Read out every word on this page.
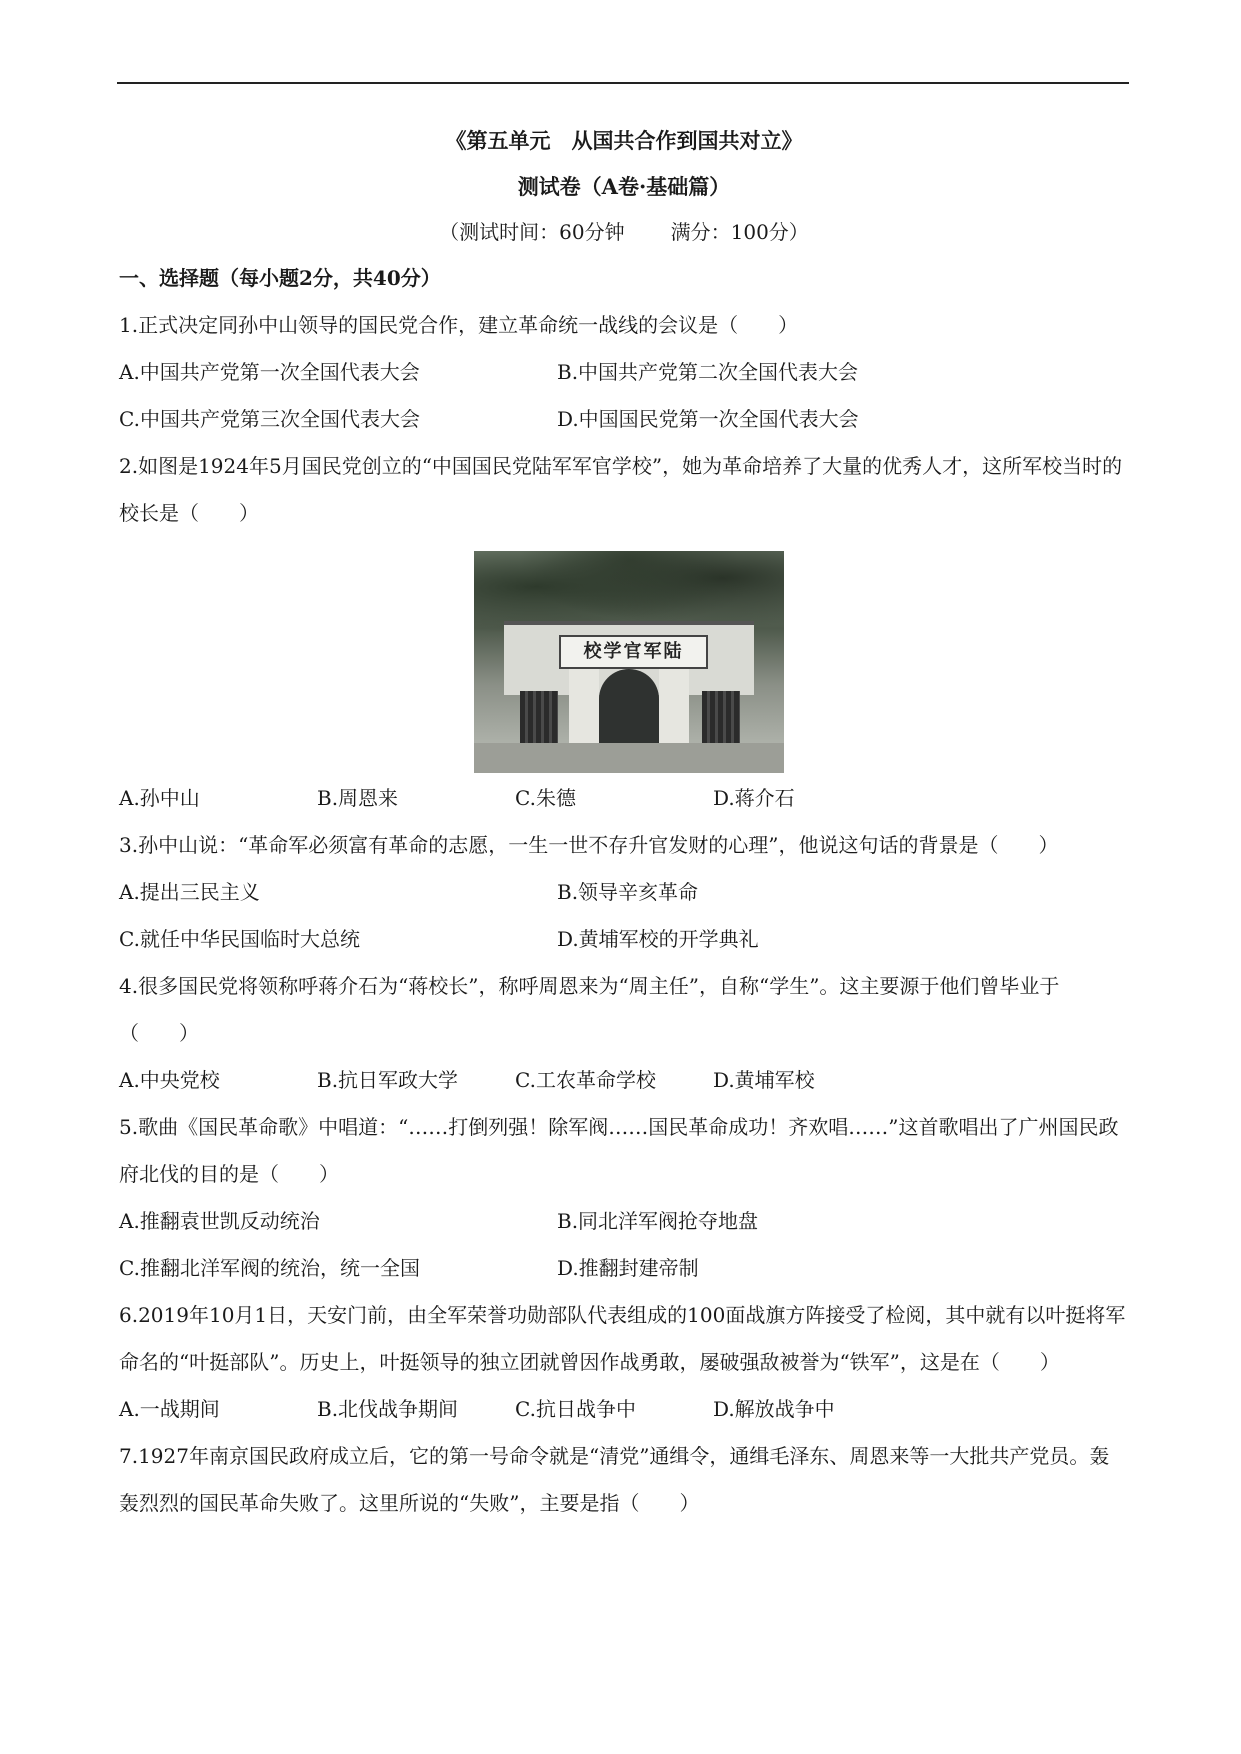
《第五单元　从国共合作到国共对立》
测试卷（A卷·基础篇）
（测试时间：60分钟 满分：100分）
一、选择题（每小题2分，共40分）
1.正式决定同孙中山领导的国民党合作，建立革命统一战线的会议是（　　）
A.中国共产党第一次全国代表大会	B.中国共产党第二次全国代表大会
C.中国共产党第三次全国代表大会	D.中国国民党第一次全国代表大会
2.如图是1924年5月国民党创立的“中国国民党陆军军官学校”，她为革命培养了大量的优秀人才，这所军校当时的校长是（　　）
校学官军陆
A.孙中山	B.周恩来	C.朱德	D.蒋介石
3.孙中山说：“革命军必须富有革命的志愿，一生一世不存升官发财的心理”，他说这句话的背景是（　　）
A.提出三民主义	B.领导辛亥革命
C.就任中华民国临时大总统	D.黄埔军校的开学典礼
4.很多国民党将领称呼蒋介石为“蒋校长”，称呼周恩来为“周主任”，自称“学生”。这主要源于他们曾毕业于（　　）
A.中央党校	B.抗日军政大学	C.工农革命学校	D.黄埔军校
5.歌曲《国民革命歌》中唱道：“……打倒列强！除军阀……国民革命成功！齐欢唱……”这首歌唱出了广州国民政府北伐的目的是（　　）
A.推翻袁世凯反动统治	B.同北洋军阀抢夺地盘
C.推翻北洋军阀的统治，统一全国	D.推翻封建帝制
6.2019年10月1日，天安门前，由全军荣誉功勋部队代表组成的100面战旗方阵接受了检阅，其中就有以叶挺将军命名的“叶挺部队”。历史上，叶挺领导的独立团就曾因作战勇敢，屡破强敌被誉为“铁军”，这是在（　　）
A.一战期间	B.北伐战争期间	C.抗日战争中	D.解放战争中
7.1927年南京国民政府成立后，它的第一号命令就是“清党”通缉令，通缉毛泽东、周恩来等一大批共产党员。轰轰烈烈的国民革命失败了。这里所说的“失败”，主要是指（　　）
